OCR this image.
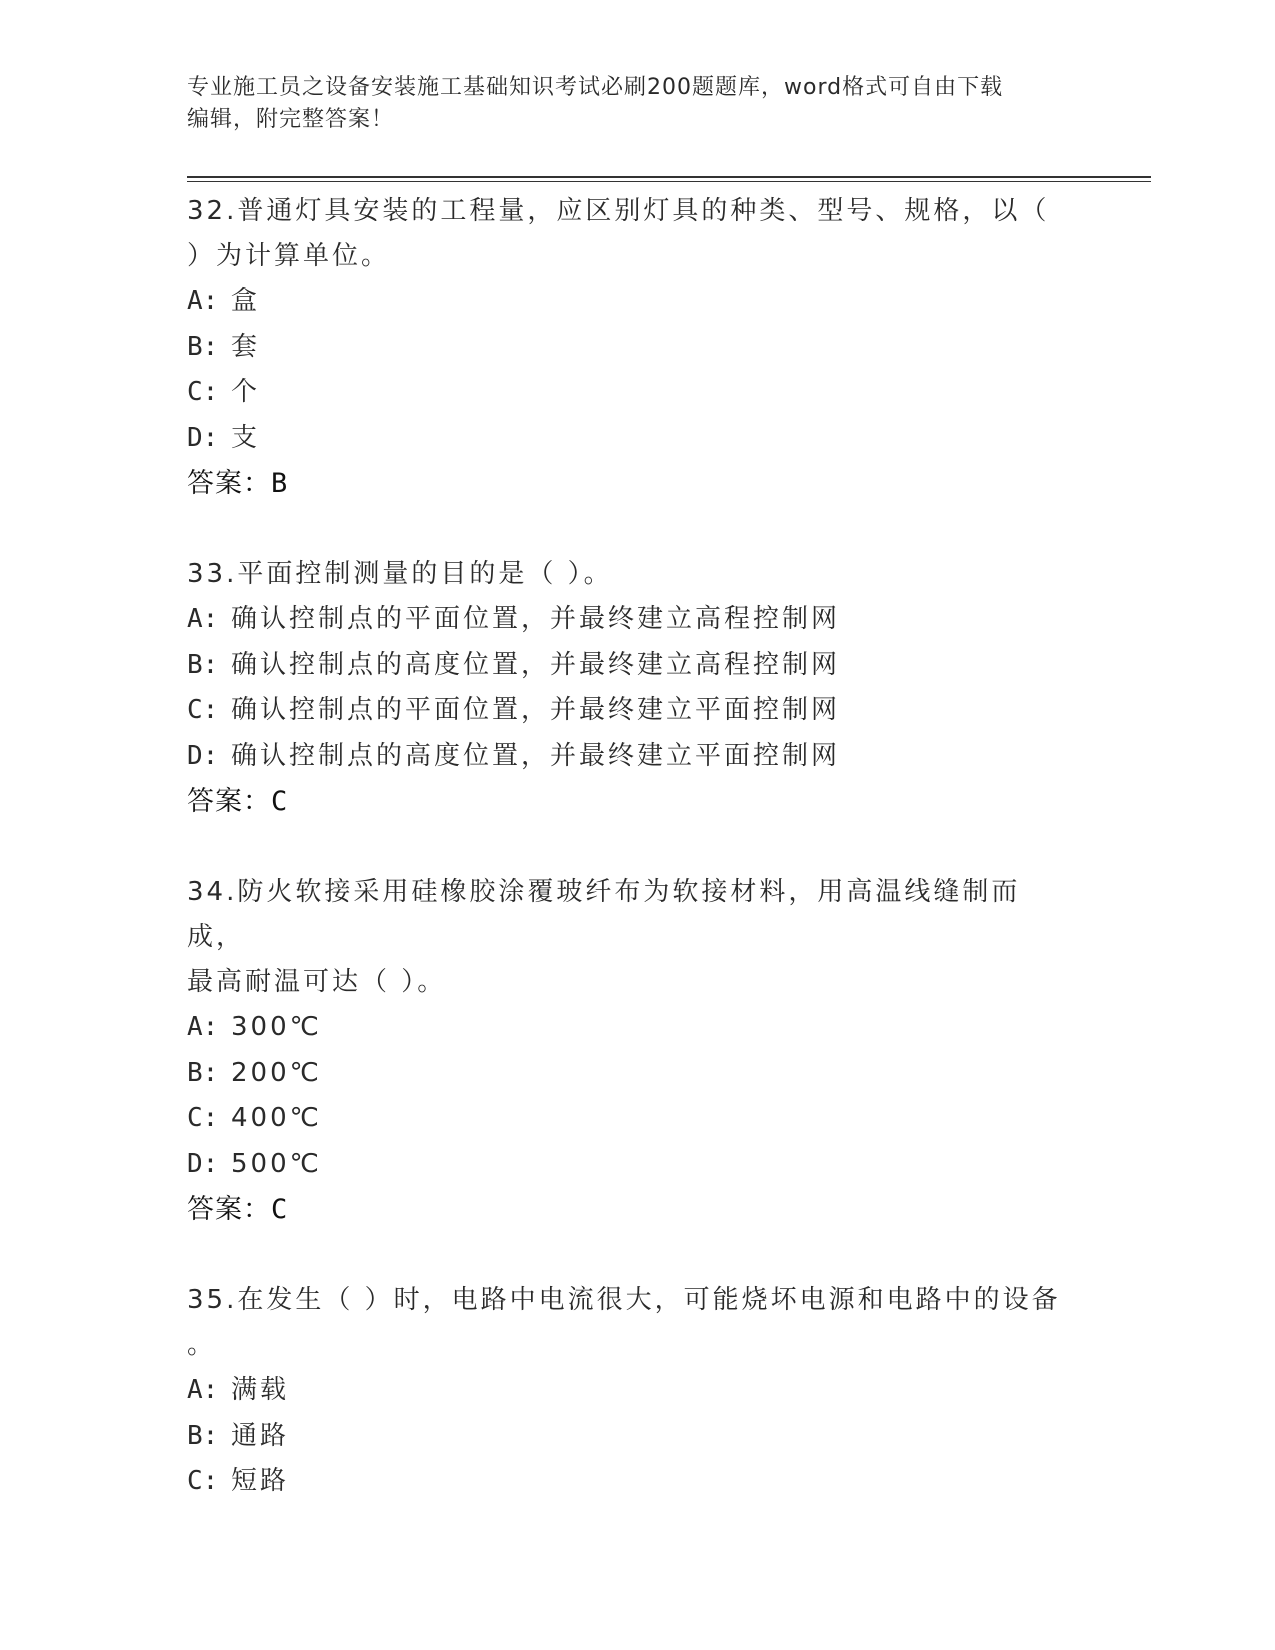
专业施工员之设备安装施工基础知识考试必刷200题题库，word格式可自由下载
编辑，附完整答案！
32.普通灯具安装的工程量，应区别灯具的种类、型号、规格，以（
）为计算单位。
A: 盒
B: 套
C: 个
D: 支
答案：B
33.平面控制测量的目的是（ ）。
A: 确认控制点的平面位置，并最终建立高程控制网
B: 确认控制点的高度位置，并最终建立高程控制网
C: 确认控制点的平面位置，并最终建立平面控制网
D: 确认控制点的高度位置，并最终建立平面控制网
答案：C
34.防火软接采用硅橡胶涂覆玻纤布为软接材料，用高温线缝制而成，
最高耐温可达（ ）。
A: 300℃
B: 200℃
C: 400℃
D: 500℃
答案：C
35.在发生（ ）时，电路中电流很大，可能烧坏电源和电路中的设备
。
A: 满载
B: 通路
C: 短路
